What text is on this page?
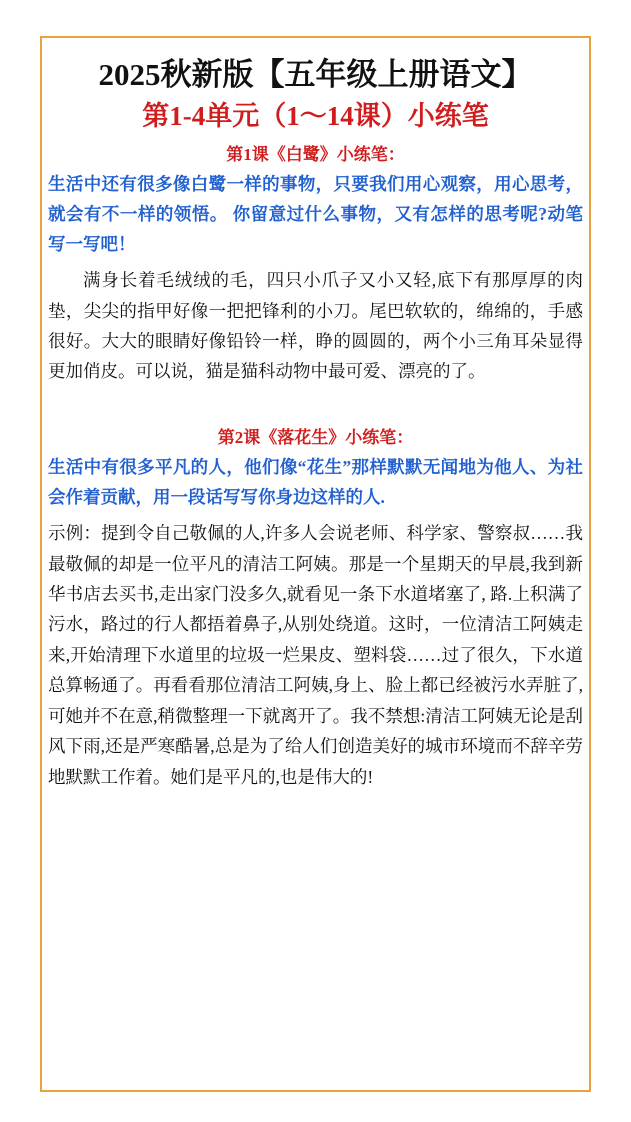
2025秋新版【五年级上册语文】
第1-4单元（1～14课）小练笔
第1课《白鹭》小练笔：
生活中还有很多像白鹭一样的事物，只要我们用心观察，用心思考，就会有不一样的领悟。 你留意过什么事物，又有怎样的思考呢?动笔写一写吧！
满身长着毛绒绒的毛，四只小爪子又小又轻,底下有那厚厚的肉垫，尖尖的指甲好像一把把锋利的小刀。尾巴软软的，绵绵的，手感很好。大大的眼睛好像铅铃一样，睁的圆圆的，两个小三角耳朵显得更加俏皮。可以说，猫是猫科动物中最可爱、漂亮的了。
第2课《落花生》小练笔：
生活中有很多平凡的人，他们像“花生”那样默默无闻地为他人、为社会作着贡献，用一段话写写你身边这样的人.
示例：提到令自己敬佩的人,许多人会说老师、科学家、警察叔……我最敬佩的却是一位平凡的清洁工阿姨。那是一个星期天的早晨,我到新华书店去买书,走出家门没多久,就看见一条下水道堵塞了, 路.上积满了污水，路过的行人都捂着鼻子,从别处绕道。这时，一位清洁工阿姨走来,开始清理下水道里的垃圾一烂果皮、塑料袋……过了很久，下水道总算畅通了。再看看那位清洁工阿姨,身上、脸上都已经被污水弄脏了,可她并不在意,稍微整理一下就离开了。我不禁想:清洁工阿姨无论是刮风下雨,还是严寒酷暑,总是为了给人们创造美好的城市环境而不辞辛劳地默默工作着。她们是平凡的,也是伟大的!
